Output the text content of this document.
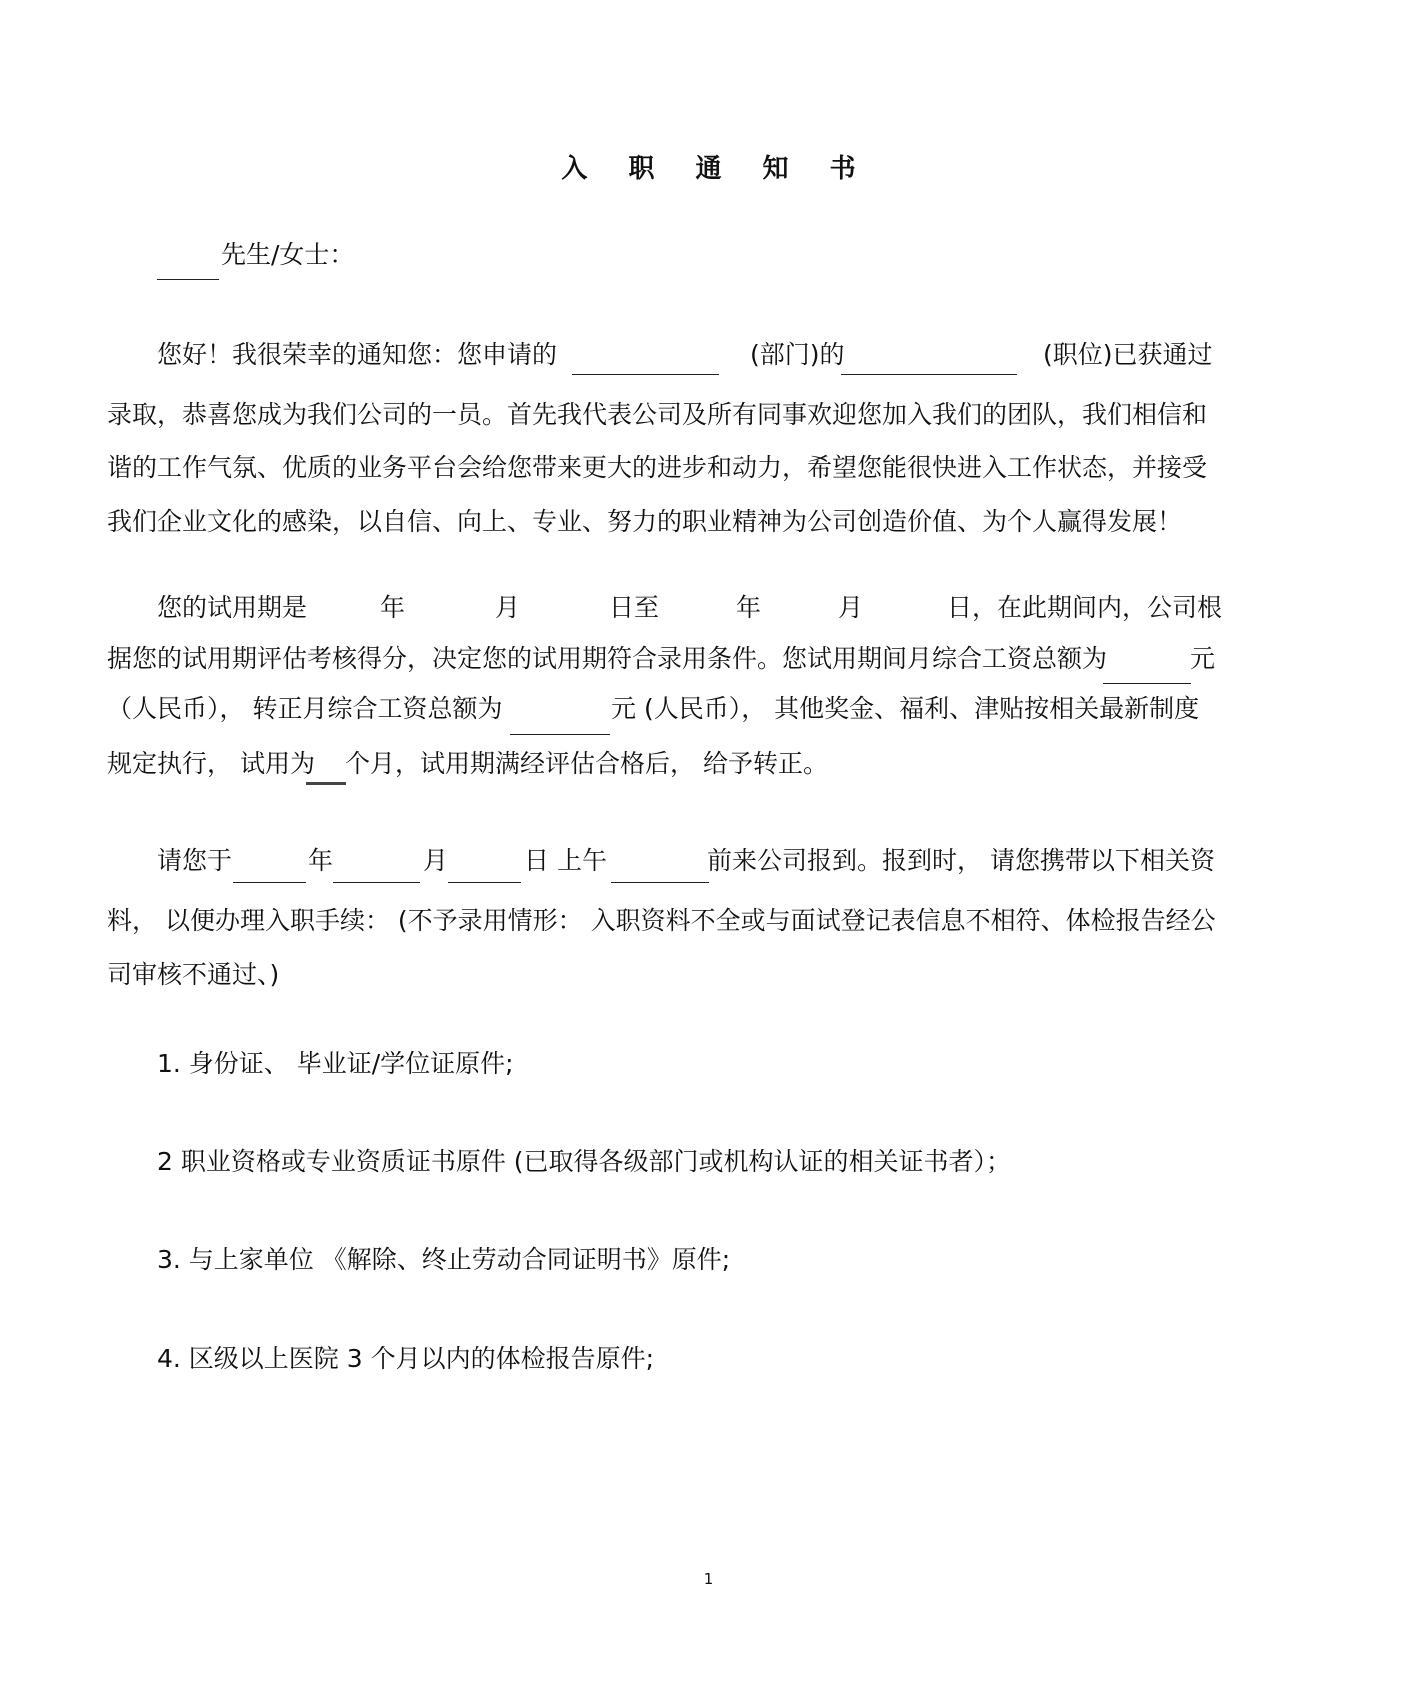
入 职 通 知 书
先生/女士：
您好！我很荣幸的通知您：您申请的	(部门)的	(职位)已获通过
录取，恭喜您成为我们公司的一员。首先我代表公司及所有同事欢迎您加入我们的团队，我们相信和
谐的工作气氛、优质的业务平台会给您带来更大的进步和动力，希望您能很快进入工作状态，并接受
我们企业文化的感染，以自信、向上、专业、努力的职业精神为公司创造价值、为个人赢得发展！
您的试用期是	年	月	日至	年	月	日，在此期间内，公司根
据您的试用期评估考核得分，决定您的试用期符合录用条件。您试用期间月综合工资总额为	元
（人民币）， 转正月综合工资总额为	元 (人民币）， 其他奖金、福利、津贴按相关最新制度
规定执行， 试用为 个月，试用期满经评估合格后， 给予转正。
请您于	年	月	日 上午	前来公司报到。报到时， 请您携带以下相关资
料， 以便办理入职手续： (不予录用情形： 入职资料不全或与面试登记表信息不相符、体检报告经公
司审核不通过、)
1. 身份证、 毕业证/学位证原件;
2 职业资格或专业资质证书原件 (已取得各级部门或机构认证的相关证书者）；
3. 与上家单位 《解除、终止劳动合同证明书》原件;
4. 区级以上医院 3 个月以内的体检报告原件;
1
